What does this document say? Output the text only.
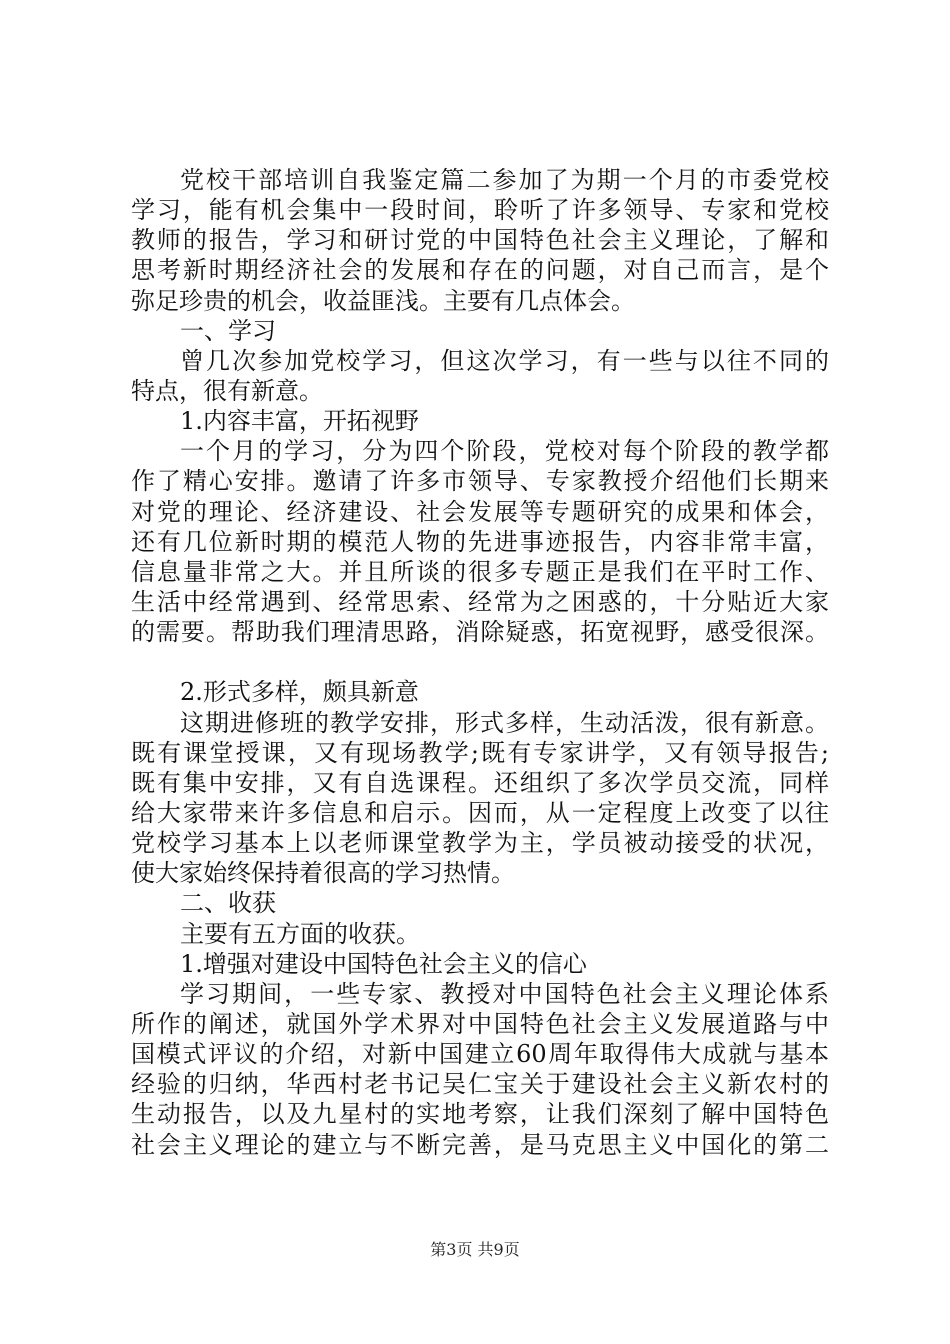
党校干部培训自我鉴定篇二参加了为期一个月的市委党校
学习，能有机会集中一段时间，聆听了许多领导、专家和党校
教师的报告，学习和研讨党的中国特色社会主义理论，了解和
思考新时期经济社会的发展和存在的问题，对自己而言，是个
弥足珍贵的机会，收益匪浅。主要有几点体会。
一、学习
曾几次参加党校学习，但这次学习，有一些与以往不同的
特点，很有新意。
1.内容丰富，开拓视野
一个月的学习，分为四个阶段，党校对每个阶段的教学都
作了精心安排。邀请了许多市领导、专家教授介绍他们长期来
对党的理论、经济建设、社会发展等专题研究的成果和体会，
还有几位新时期的模范人物的先进事迹报告，内容非常丰富，
信息量非常之大。并且所谈的很多专题正是我们在平时工作、
生活中经常遇到、经常思索、经常为之困惑的，十分贴近大家
的需要。帮助我们理清思路，消除疑惑，拓宽视野，感受很深。
2.形式多样，颇具新意
这期进修班的教学安排，形式多样，生动活泼，很有新意。
既有课堂授课，又有现场教学;既有专家讲学，又有领导报告;
既有集中安排，又有自选课程。还组织了多次学员交流，同样
给大家带来许多信息和启示。因而，从一定程度上改变了以往
党校学习基本上以老师课堂教学为主，学员被动接受的状况，
使大家始终保持着很高的学习热情。
二、收获
主要有五方面的收获。
1.增强对建设中国特色社会主义的信心
学习期间，一些专家、教授对中国特色社会主义理论体系
所作的阐述，就国外学术界对中国特色社会主义发展道路与中
国模式评议的介绍，对新中国建立60周年取得伟大成就与基本
经验的归纳，华西村老书记吴仁宝关于建设社会主义新农村的
生动报告，以及九星村的实地考察，让我们深刻了解中国特色
社会主义理论的建立与不断完善，是马克思主义中国化的第二
第3页 共9页
